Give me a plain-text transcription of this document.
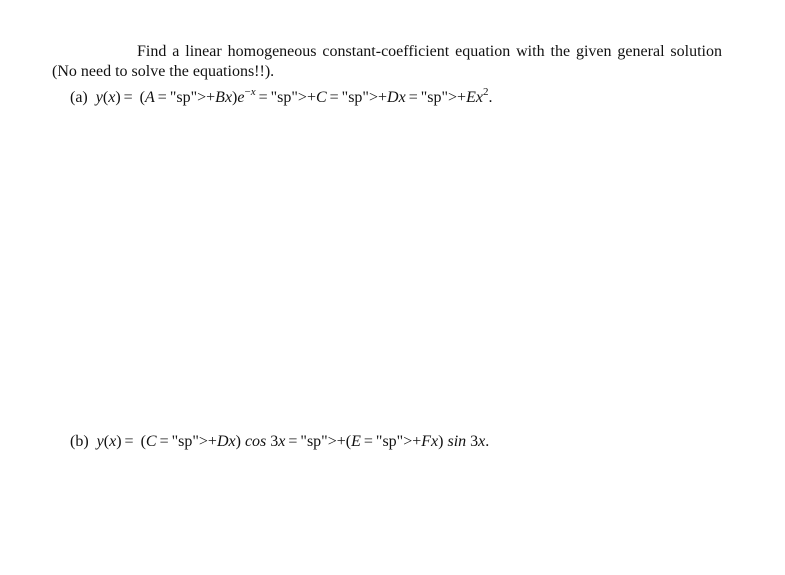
Find a linear homogeneous constant-coefficient equation with the given general solution (No need to solve the equations!!).

(a) $y(x) = (A = "sp">+Bx)e^{-x}$ = "sp">+C = "sp">+Dx = "$sp">+Ex^2$.
(b) y(x) = (C = "sp">+Dx) cos 3x = "sp">+(E = "sp">+Fx) sin 3x.
